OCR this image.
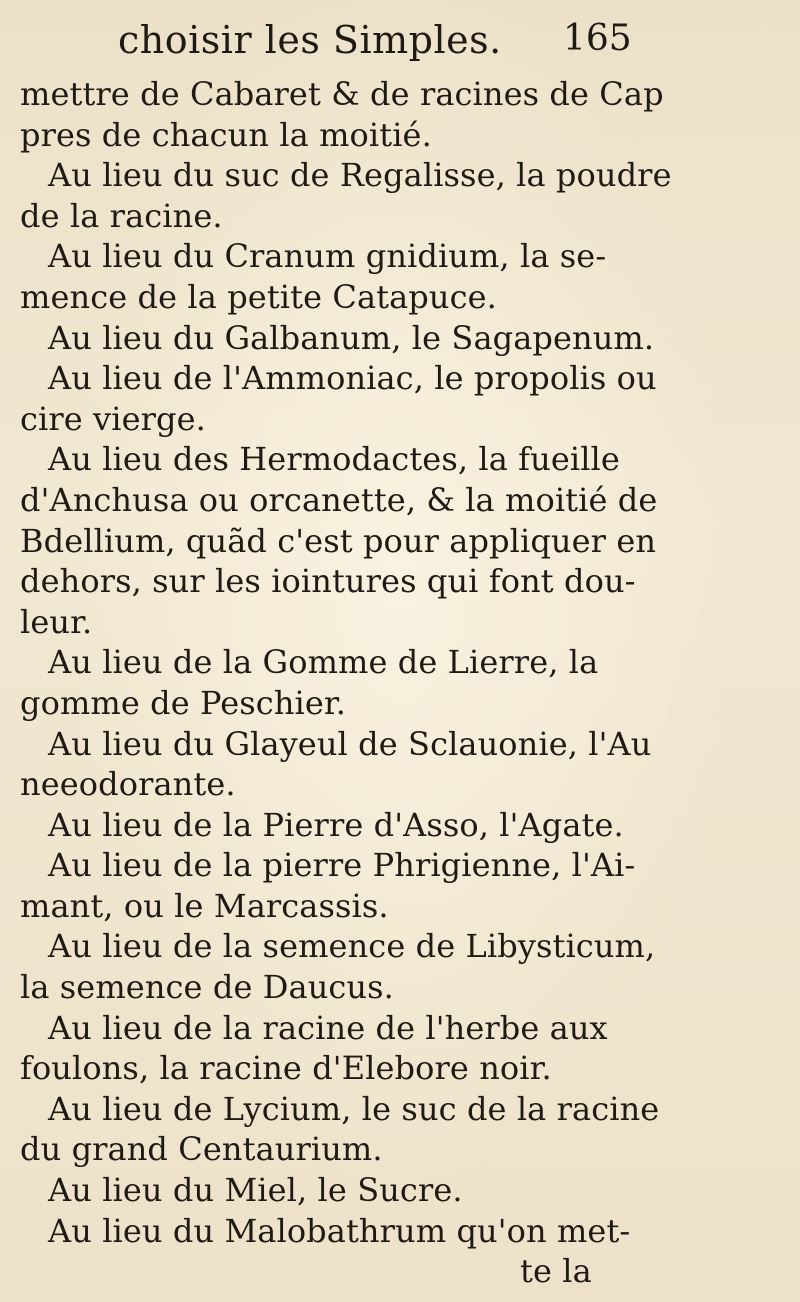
choisir les Simples. 165
mettre de Cabaret & de racines de Cap
pres de chacun la moitié.
Au lieu du suc de Regalisse, la poudre
de la racine.
Au lieu du Cranum gnidium, la se-
mence de la petite Catapuce.
Au lieu du Galbanum, le Sagapenum.
Au lieu de l'Ammoniac, le propolis ou
cire vierge.
Au lieu des Hermodactes, la fueille
d'Anchusa ou orcanette, & la moitié de
Bdellium, quãd c'est pour appliquer en
dehors, sur les iointures qui font dou-
leur.
Au lieu de la Gomme de Lierre, la
gomme de Peschier.
Au lieu du Glayeul de Sclauonie, l'Au
neeodorante.
Au lieu de la Pierre d'Asso, l'Agate.
Au lieu de la pierre Phrigienne, l'Ai-
mant, ou le Marcassis.
Au lieu de la semence de Libysticum,
la semence de Daucus.
Au lieu de la racine de l'herbe aux
foulons, la racine d'Elebore noir.
Au lieu de Lycium, le suc de la racine
du grand Centaurium.
Au lieu du Miel, le Sucre.
Au lieu du Malobathrum qu'on met-
te la
